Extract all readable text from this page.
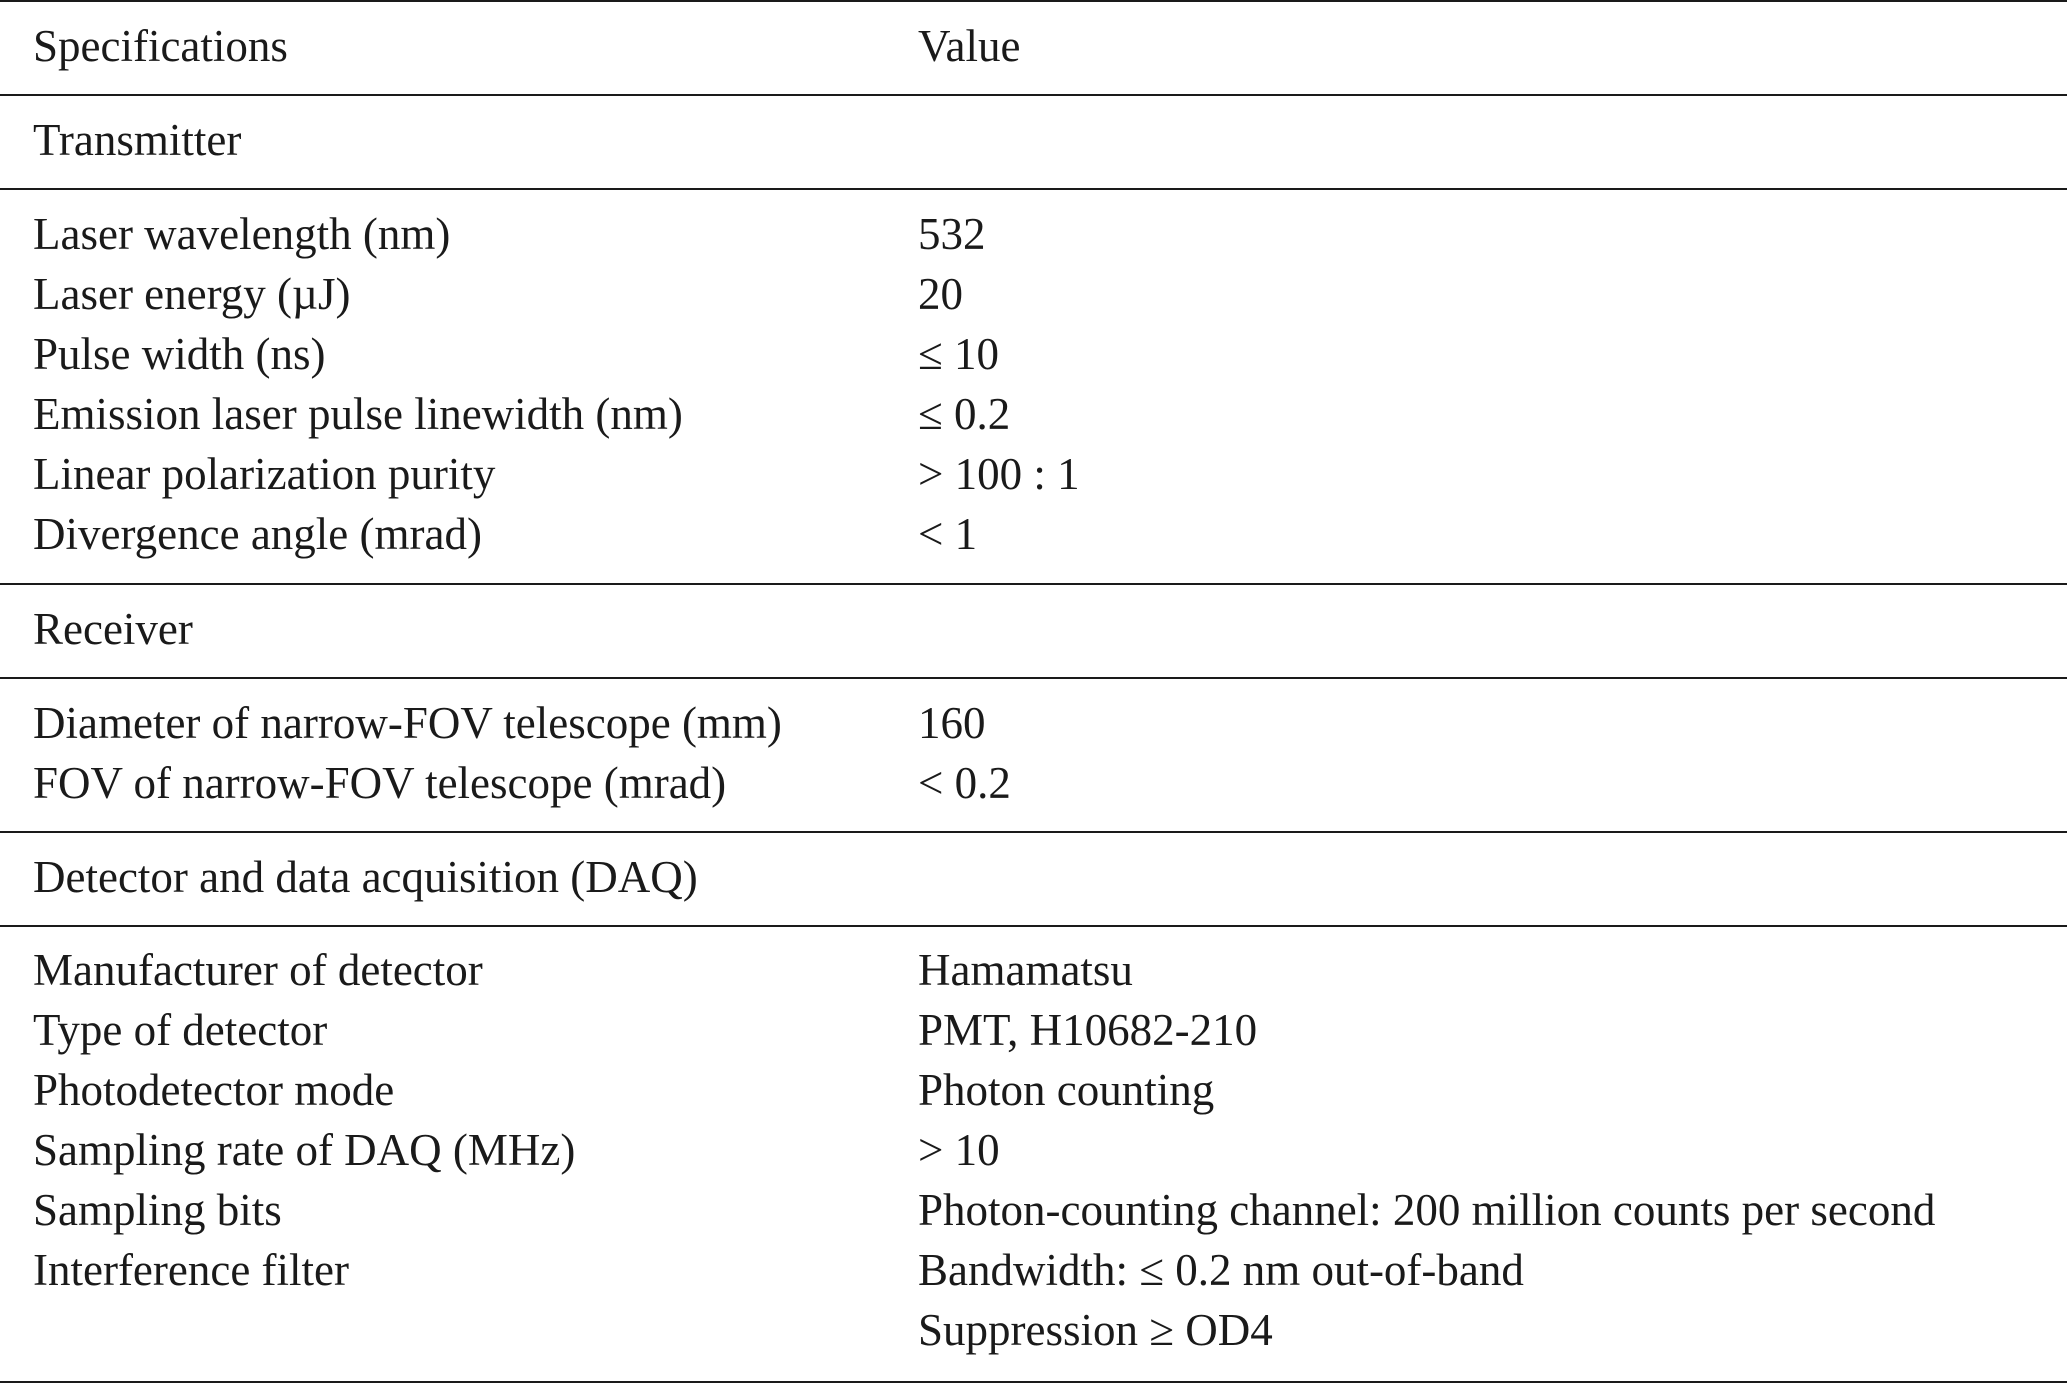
Specifications	Value
Transmitter
Laser wavelength (nm)	532
Laser energy (µJ)	20
Pulse width (ns)	≤ 10
Emission laser pulse linewidth (nm)	≤ 0.2
Linear polarization purity	> 100 : 1
Divergence angle (mrad)	< 1
Receiver
Diameter of narrow-FOV telescope (mm)	160
FOV of narrow-FOV telescope (mrad)	< 0.2
Detector and data acquisition (DAQ)
Manufacturer of detector	Hamamatsu
Type of detector	PMT, H10682-210
Photodetector mode	Photon counting
Sampling rate of DAQ (MHz)	> 10
Sampling bits	Photon-counting channel: 200 million counts per second
Interference filter	Bandwidth: ≤ 0.2 nm out-of-band
Suppression ≥ OD4
